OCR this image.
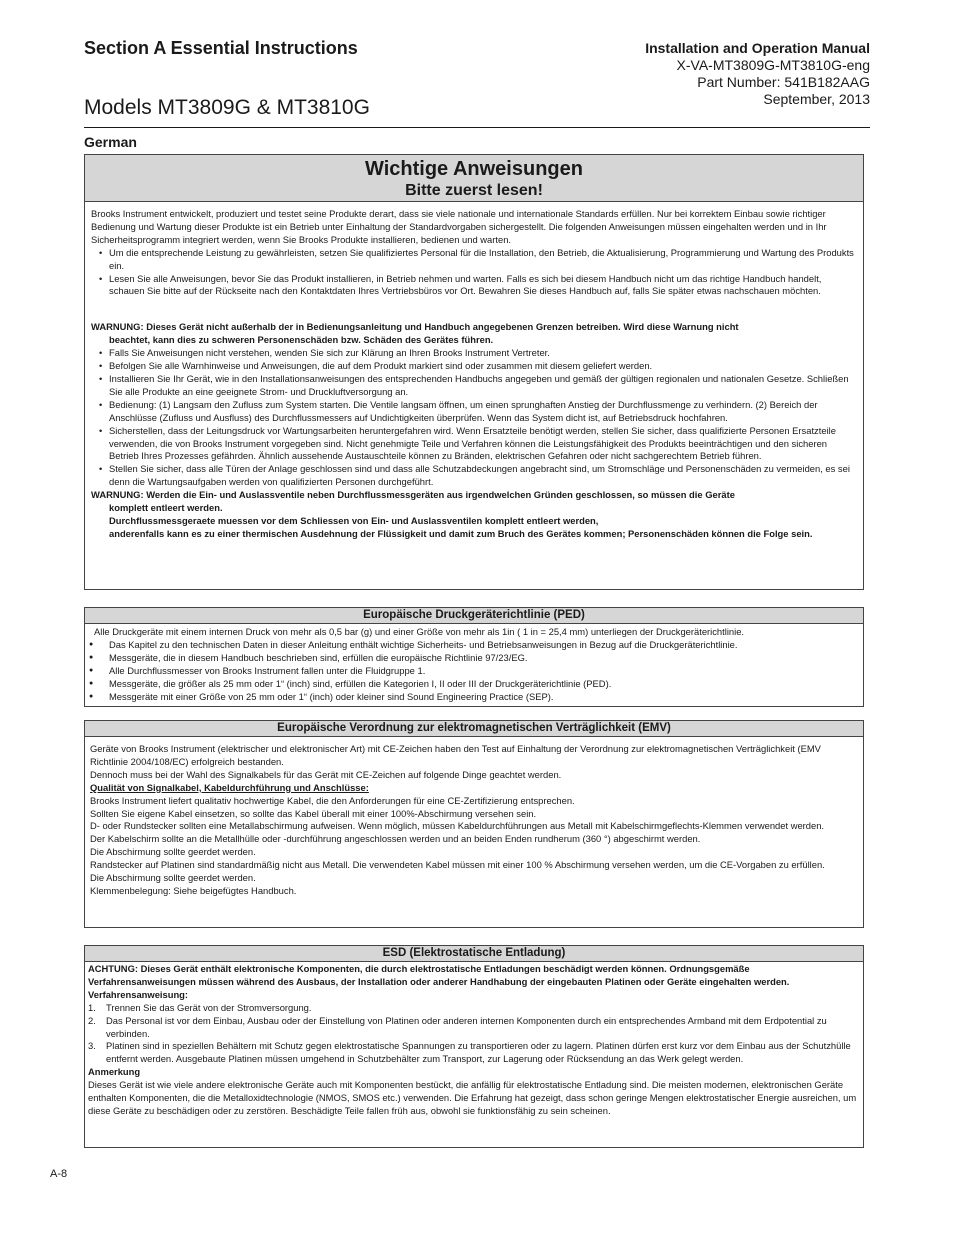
Section A Essential Instructions	Installation and Operation Manual
X-VA-MT3809G-MT3810G-eng
Part Number: 541B182AAG
September, 2013
Models MT3809G & MT3810G
German
Wichtige Anweisungen
Bitte zuerst lesen!

Brooks Instrument entwickelt, produziert und testet seine Produkte derart, dass sie viele nationale und internationale Standards erfüllen. Nur bei korrektem Einbau sowie richtiger Bedienung und Wartung dieser Produkte ist ein Betrieb unter Einhaltung der Standardvorgaben sichergestellt. Die folgenden Anweisungen müssen eingehalten werden und in Ihr Sicherheitsprogramm integriert werden, wenn Sie Brooks Produkte installieren, bedienen und warten.

• Um die entsprechende Leistung zu gewährleisten, setzen Sie qualifiziertes Personal für die Installation, den Betrieb, die Aktualisierung, Programmierung und Wartung des Produkts ein.
• Lesen Sie alle Anweisungen, bevor Sie das Produkt installieren, in Betrieb nehmen und warten. Falls es sich bei diesem Handbuch nicht um das richtige Handbuch handelt, schauen Sie bitte auf der Rückseite nach den Kontaktdaten Ihres Vertriebsbüros vor Ort. Bewahren Sie dieses Handbuch auf, falls Sie später etwas nachschauen möchten.

WARNUNG: Dieses Gerät nicht außerhalb der in Bedienungsanleitung und Handbuch angegebenen Grenzen betreiben. Wird diese Warnung nicht

beachtet, kann dies zu schweren Personenschäden bzw. Schäden des Gerätes führen.

• Falls Sie Anweisungen nicht verstehen, wenden Sie sich zur Klärung an Ihren Brooks Instrument Vertreter.
• Befolgen Sie alle Warnhinweise und Anweisungen, die auf dem Produkt markiert sind oder zusammen mit diesem geliefert werden.
• Installieren Sie Ihr Gerät, wie in den Installationsanweisungen des entsprechenden Handbuchs angegeben und gemäß der gültigen regionalen und nationalen Gesetze. Schließen Sie alle Produkte an eine geeignete Strom- und Druckluftversorgung an.
• Bedienung: (1) Langsam den Zufluss zum System starten. Die Ventile langsam öffnen, um einen sprunghaften Anstieg der Durchflussmenge zu verhindern. (2) Bereich der Anschlüsse (Zufluss und Ausfluss) des Durchflussmessers auf Undichtigkeiten überprüfen. Wenn das System dicht ist, auf Betriebsdruck hochfahren.
• Sicherstellen, dass der Leitungsdruck vor Wartungsarbeiten heruntergefahren wird. Wenn Ersatzteile benötigt werden, stellen Sie sicher, dass qualifizierte Personen Ersatzteile verwenden, die von Brooks Instrument vorgegeben sind. Nicht genehmigte Teile und Verfahren können die Leistungsfähigkeit des Produkts beeinträchtigen und den sicheren Betrieb Ihres Prozesses gefährden. Ähnlich aussehende Austauschteile können zu Bränden, elektrischen Gefahren oder nicht sachgerechtem Betrieb führen.
• Stellen Sie sicher, dass alle Türen der Anlage geschlossen sind und dass alle Schutzabdeckungen angebracht sind, um Stromschläge und Personenschäden zu vermeiden, es sei denn die Wartungsaufgaben werden von qualifizierten Personen durchgeführt.

WARNUNG: Werden die Ein- und Auslassventile neben Durchflussmessgeräten aus irgendwelchen Gründen geschlossen, so müssen die Geräte

komplett entleert werden.

Durchflussmessgeraete muessen vor dem Schliessen von Ein- und Auslassventilen komplett entleert werden,

anderenfalls kann es zu einer thermischen Ausdehnung der Flüssigkeit und damit zum Bruch des Gerätes kommen; Personenschäden können die Folge sein.

Europäische Druckgeräterichtlinie (PED)

Alle Druckgeräte mit einem internen Druck von mehr als 0,5 bar (g) und einer Größe von mehr als 1in ( 1 in = 25,4 mm) unterliegen der Druckgeräterichtlinie.

● Das Kapitel zu den technischen Daten in dieser Anleitung enthält wichtige Sicherheits- und Betriebsanweisungen in Bezug auf die Druckgeräterichtlinie.
● Messgeräte, die in diesem Handbuch beschrieben sind, erfüllen die europäische Richtlinie 97/23/EG.
● Alle Durchflussmesser von Brooks Instrument fallen unter die Fluidgruppe 1.
● Messgeräte, die größer als 25 mm oder 1“ (inch) sind, erfüllen die Kategorien I, II oder III der Druckgeräterichtlinie (PED).
● Messgeräte mit einer Größe von 25 mm oder 1“ (inch) oder kleiner sind Sound Engineering Practice (SEP).
Europäische Verordnung zur elektromagnetischen Verträglichkeit (EMV)

Geräte von Brooks Instrument (elektrischer und elektronischer Art) mit CE-Zeichen haben den Test auf Einhaltung der Verordnung zur elektromagnetischen Verträglichkeit (EMV Richtlinie 2004/108/EC) erfolgreich bestanden.

Dennoch muss bei der Wahl des Signalkabels für das Gerät mit CE-Zeichen auf folgende Dinge geachtet werden.

Qualität von Signalkabel, Kabeldurchführung und Anschlüsse:

Brooks Instrument liefert qualitativ hochwertige Kabel, die den Anforderungen für eine CE-Zertifizierung entsprechen.

Sollten Sie eigene Kabel einsetzen, so sollte das Kabel überall mit einer 100%-Abschirmung versehen sein.

D- oder Rundstecker sollten eine Metallabschirmung aufweisen. Wenn möglich, müssen Kabeldurchführungen aus Metall mit Kabelschirmgeflechts-Klemmen verwendet werden.

Der Kabelschirm sollte an die Metallhülle oder -durchführung angeschlossen werden und an beiden Enden rundherum (360 °) abgeschirmt werden.

Die Abschirmung sollte geerdet werden.

Randstecker auf Platinen sind standardmäßig nicht aus Metall. Die verwendeten Kabel müssen mit einer 100 % Abschirmung versehen werden, um die CE-Vorgaben zu erfüllen.

Die Abschirmung sollte geerdet werden.

Klemmenbelegung: Siehe beigefügtes Handbuch.

ESD (Elektrostatische Entladung)

ACHTUNG: Dieses Gerät enthält elektronische Komponenten, die durch elektrostatische Entladungen beschädigt werden können. Ordnungsgemäße Verfahrensanweisungen müssen während des Ausbaus, der Installation oder anderer Handhabung der eingebauten Platinen oder Geräte eingehalten werden.

Verfahrensanweisung:

1. Trennen Sie das Gerät von der Stromversorgung.
2. Das Personal ist vor dem Einbau, Ausbau oder der Einstellung von Platinen oder anderen internen Komponenten durch ein entsprechendes Armband mit dem Erdpotential zu verbinden.
3. Platinen sind in speziellen Behältern mit Schutz gegen elektrostatische Spannungen zu transportieren oder zu lagern. Platinen dürfen erst kurz vor dem Einbau aus der Schutzhülle entfernt werden. Ausgebaute Platinen müssen umgehend in Schutzbehälter zum Transport, zur Lagerung oder Rücksendung an das Werk gelegt werden.

Anmerkung

Dieses Gerät ist wie viele andere elektronische Geräte auch mit Komponenten bestückt, die anfällig für elektrostatische Entladung sind. Die meisten modernen, elektronischen Geräte enthalten Komponenten, die die Metalloxidtechnologie (NMOS, SMOS etc.) verwenden. Die Erfahrung hat gezeigt, dass schon geringe Mengen elektrostatischer Energie ausreichen, um diese Geräte zu beschädigen oder zu zerstören. Beschädigte Teile fallen früh aus, obwohl sie funktionsfähig zu sein scheinen.

A-8
